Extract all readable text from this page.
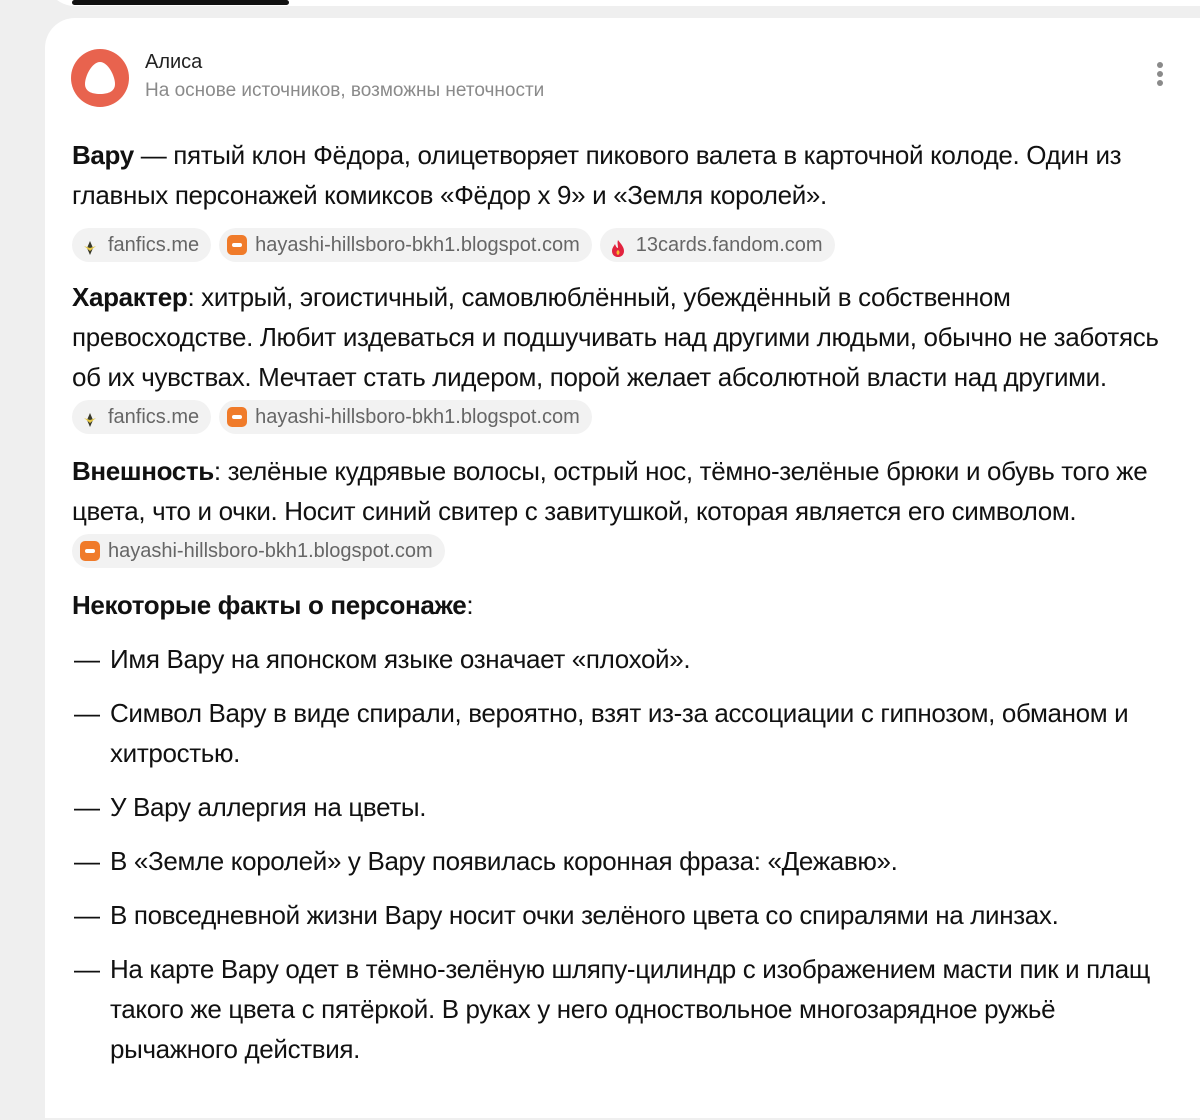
Алиса
На основе источников, возможны неточности

Вару — пятый клон Фёдора, олицетворяет пикового валета в карточной колоде. Один из главных персонажей комиксов «Фёдор х 9» и «Земля королей».

fanfics.me	hayashi-hillsboro-bkh1.blogspot.com	13cards.fandom.com

Характер: хитрый, эгоистичный, самовлюблённый, убеждённый в собственном превосходстве. Любит издеваться и подшучивать над другими людьми, обычно не заботясь об их чувствах. Мечтает стать лидером, порой желает абсолютной власти над другими.
fanfics.me	hayashi-hillsboro-bkh1.blogspot.com

Внешность: зелёные кудрявые волосы, острый нос, тёмно-зелёные брюки и обувь того же цвета, что и очки. Носит синий свитер с завитушкой, которая является его символом.
hayashi-hillsboro-bkh1.blogspot.com

Некоторые факты о персонаже:

— Имя Вару на японском языке означает «плохой».
— Символ Вару в виде спирали, вероятно, взят из-за ассоциации с гипнозом, обманом и хитростью.
— У Вару аллергия на цветы.
— В «Земле королей» у Вару появилась коронная фраза: «Дежавю».
— В повседневной жизни Вару носит очки зелёного цвета со спиралями на линзах.
— На карте Вару одет в тёмно-зелёную шляпу-цилиндр с изображением масти пик и плащ такого же цвета с пятёркой. В руках у него одноствольное многозарядное ружьё рычажного действия.
